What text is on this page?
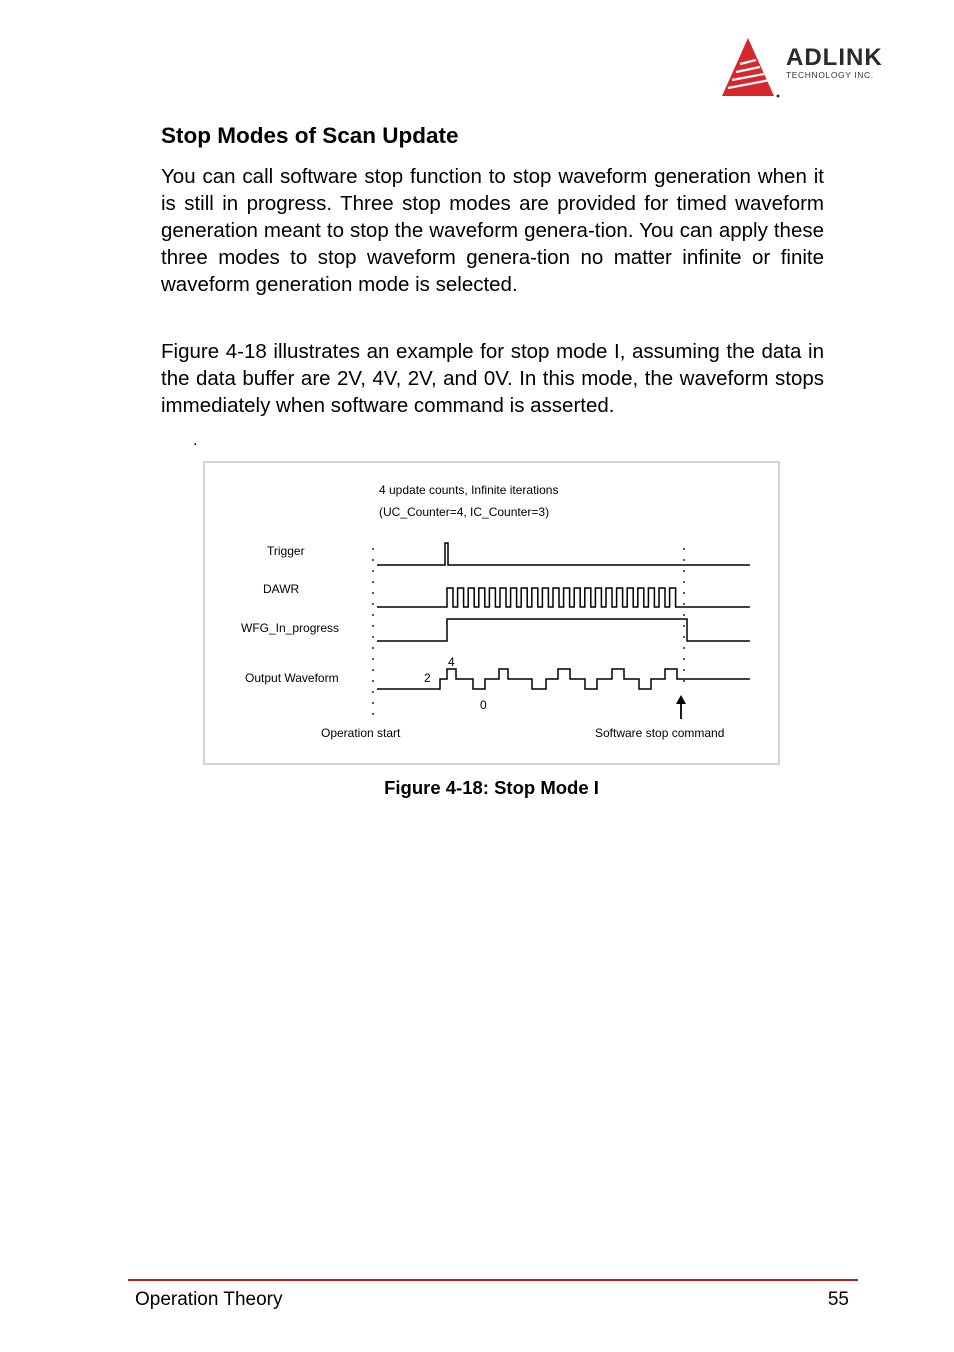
ADLINK
TECHNOLOGY INC.
Stop Modes of Scan Update

You can call software stop function to stop waveform generation when it is still in progress. Three stop modes are provided for timed waveform generation meant to stop the waveform genera-tion. You can apply these three modes to stop waveform genera-tion no matter infinite or finite waveform generation mode is selected.

Figure 4-18 illustrates an example for stop mode I, assuming the data in the data buffer are 2V, 4V, 2V, and 0V. In this mode, the waveform stops immediately when software command is asserted.

.
4 update counts, Infinite iterations
(UC_Counter=4, IC_Counter=3)
Trigger
DAWR
WFG_In_progress
Output Waveform	2
4
0
Operation start	Software stop command
Figure 4-18: Stop Mode I
Operation Theory	55
